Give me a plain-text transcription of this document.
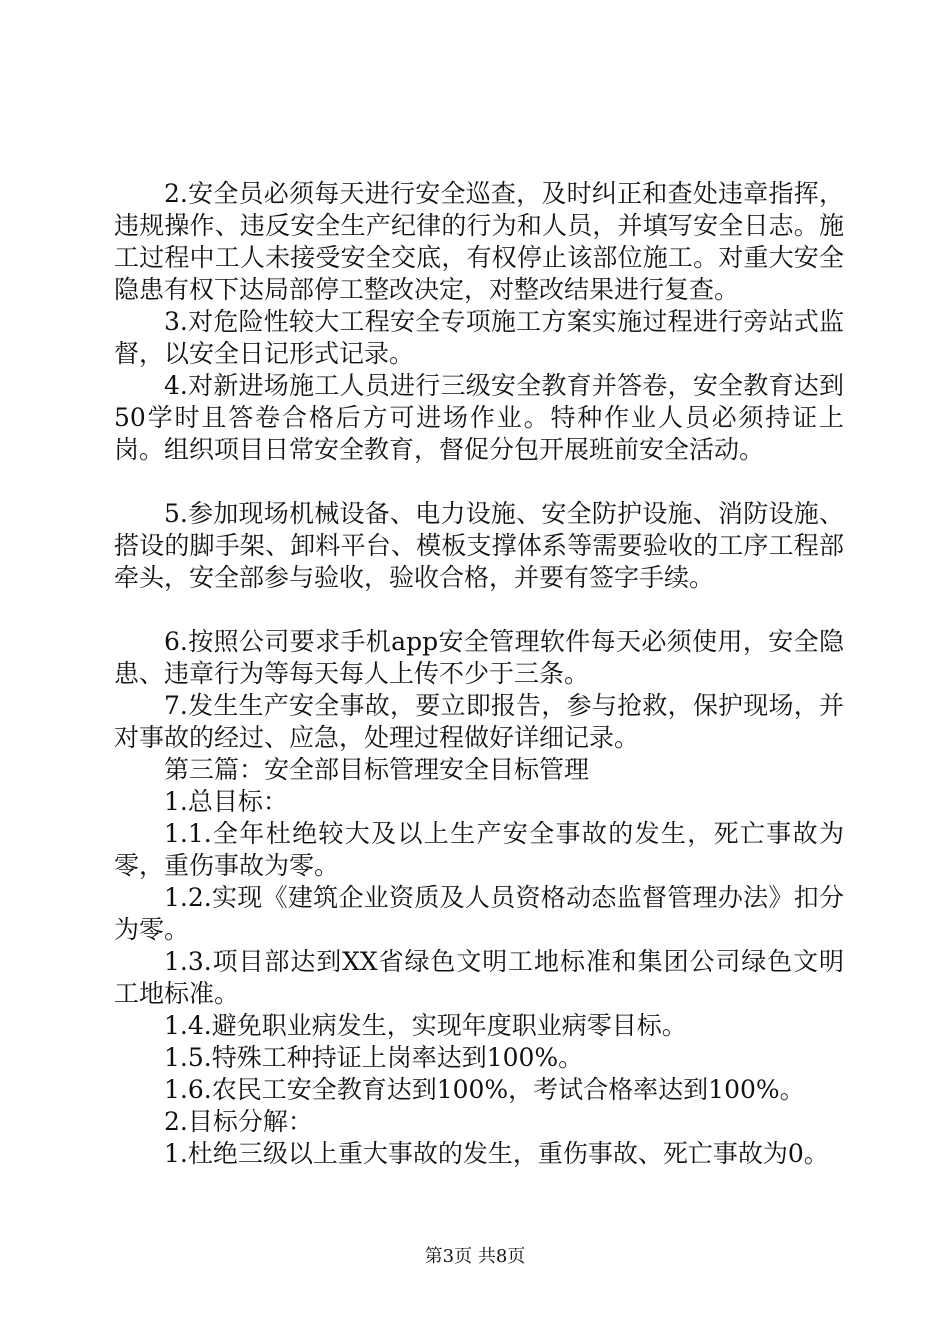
2.安全员必须每天进行安全巡查，及时纠正和查处违章指挥，违规操作、违反安全生产纪律的行为和人员，并填写安全日志。施工过程中工人未接受安全交底，有权停止该部位施工。对重大安全隐患有权下达局部停工整改决定，对整改结果进行复查。

3.对危险性较大工程安全专项施工方案实施过程进行旁站式监督，以安全日记形式记录。

4.对新进场施工人员进行三级安全教育并答卷，安全教育达到50学时且答卷合格后方可进场作业。特种作业人员必须持证上岗。组织项目日常安全教育，督促分包开展班前安全活动。

5.参加现场机械设备、电力设施、安全防护设施、消防设施、搭设的脚手架、卸料平台、模板支撑体系等需要验收的工序工程部牵头，安全部参与验收，验收合格，并要有签字手续。

6.按照公司要求手机app安全管理软件每天必须使用，安全隐患、违章行为等每天每人上传不少于三条。

7.发生生产安全事故，要立即报告，参与抢救，保护现场，并对事故的经过、应急，处理过程做好详细记录。

第三篇：安全部目标管理安全目标管理

1.总目标：

1.1.全年杜绝较大及以上生产安全事故的发生，死亡事故为零，重伤事故为零。

1.2.实现《建筑企业资质及人员资格动态监督管理办法》扣分为零。

1.3.项目部达到XX省绿色文明工地标准和集团公司绿色文明工地标准。

1.4.避免职业病发生，实现年度职业病零目标。

1.5.特殊工种持证上岗率达到100%。

1.6.农民工安全教育达到100%，考试合格率达到100%。

2.目标分解：

1.杜绝三级以上重大事故的发生，重伤事故、死亡事故为0。

第3页 共8页
